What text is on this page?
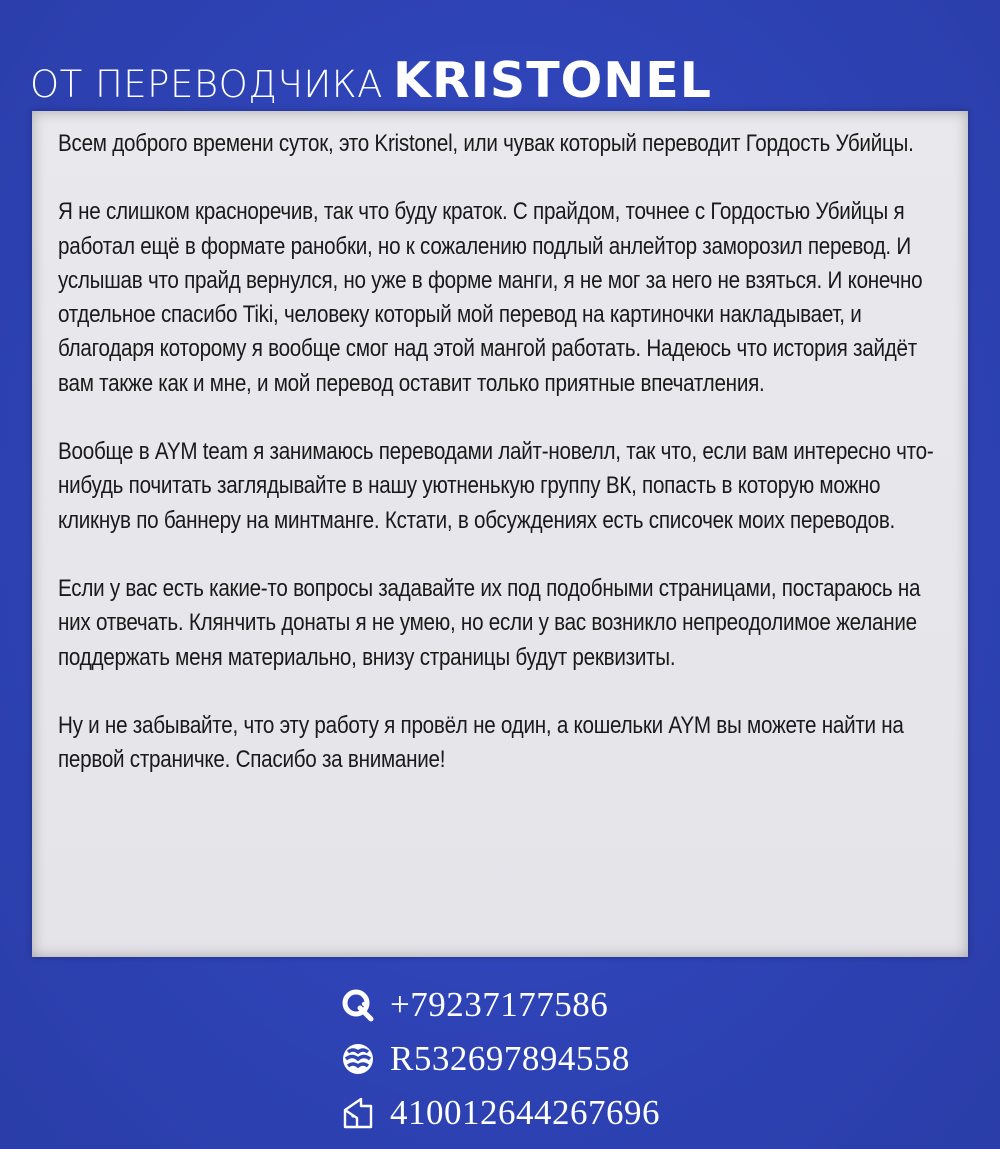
ОТ ПЕРЕВОДЧИКА KRISTONEL

Всем доброго времени суток, это Kristonel, или чувак который переводит Гордость Убийцы.

Я не слишком красноречив, так что буду краток. С прайдом, точнее с Гордостью Убийцы я работал ещё в формате ранобки, но к сожалению подлый анлейтор заморозил перевод. И услышав что прайд вернулся, но уже в форме манги, я не мог за него не взяться. И конечно отдельное спасибо Tiki, человеку который мой перевод на картиночки накладывает, и благодаря которому я вообще смог над этой мангой работать. Надеюсь что история зайдёт вам также как и мне, и мой перевод оставит только приятные впечатления.

Вообще в AYM team я занимаюсь переводами лайт-новелл, так что, если вам интересно что-нибудь почитать заглядывайте в нашу уютненькую группу ВК, попасть в которую можно кликнув по баннеру на минтманге. Кстати, в обсуждениях есть списочек моих переводов.

Если у вас есть какие-то вопросы задавайте их под подобными страницами, постараюсь на них отвечать. Клянчить донаты я не умею, но если у вас возникло непреодолимое желание поддержать меня материально, внизу страницы будут реквизиты.

Ну и не забывайте, что эту работу я провёл не один, а кошельки AYM вы можете найти на первой страничке. Спасибо за внимание!

+79237177586
R532697894558
410012644267696
